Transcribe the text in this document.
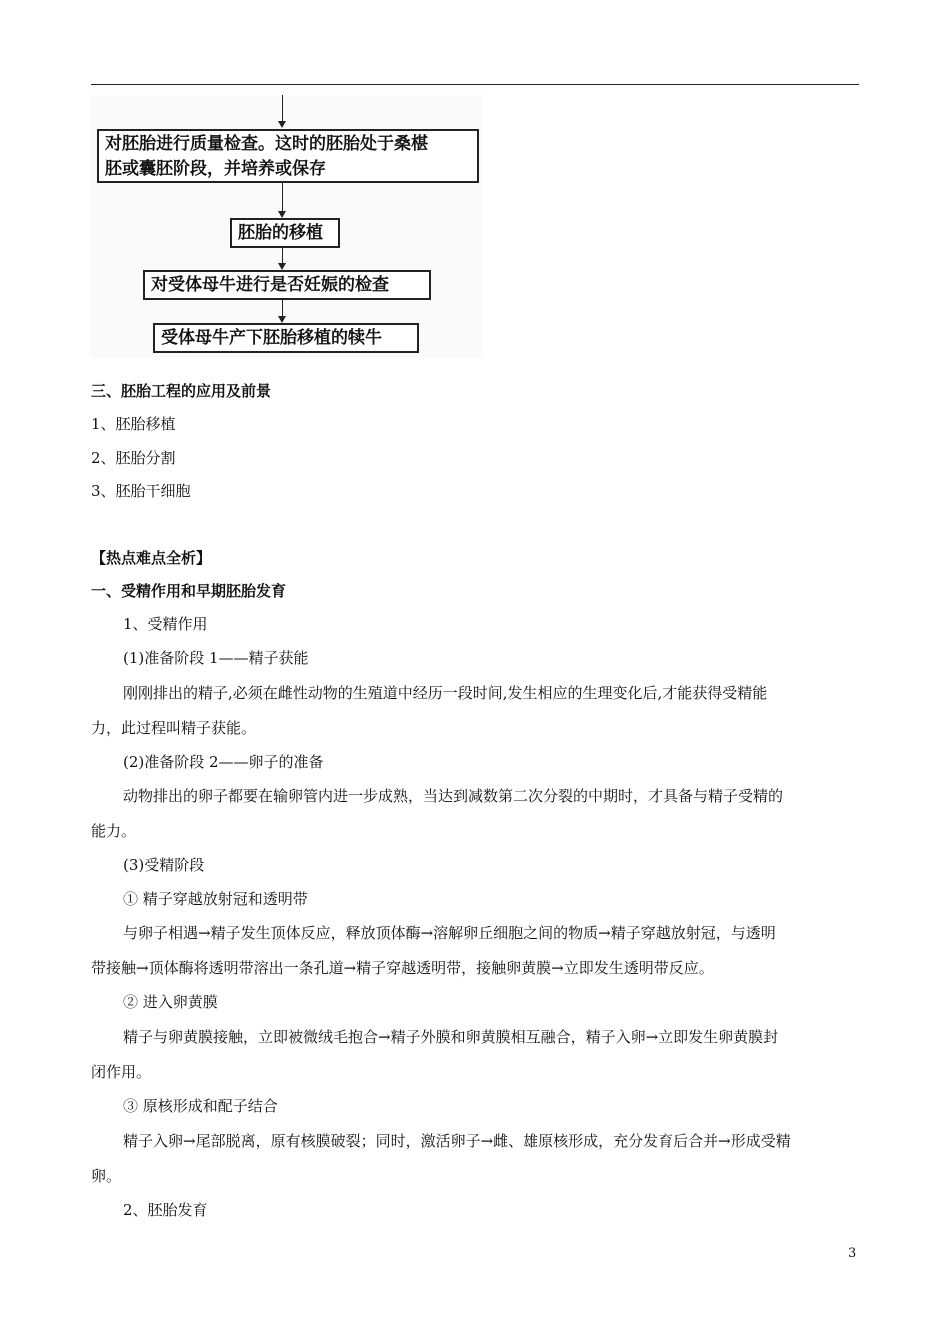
对胚胎进行质量检查。这时的胚胎处于桑椹
胚或囊胚阶段，并培养或保存
胚胎的移植
对受体母牛进行是否妊娠的检查
受体母牛产下胚胎移植的犊牛
三、胚胎工程的应用及前景
1、胚胎移植
2、胚胎分割
3、胚胎干细胞
【热点难点全析】
一、受精作用和早期胚胎发育
1、受精作用
(1)准备阶段 1——精子获能
刚刚排出的精子,必须在雌性动物的生殖道中经历一段时间,发生相应的生理变化后,才能获得受精能
力，此过程叫精子获能。
(2)准备阶段 2——卵子的准备
动物排出的卵子都要在输卵管内进一步成熟，当达到减数第二次分裂的中期时，才具备与精子受精的
能力。
(3)受精阶段
① 精子穿越放射冠和透明带
与卵子相遇→精子发生顶体反应，释放顶体酶→溶解卵丘细胞之间的物质→精子穿越放射冠，与透明
带接触→顶体酶将透明带溶出一条孔道→精子穿越透明带，接触卵黄膜→立即发生透明带反应。
② 进入卵黄膜
精子与卵黄膜接触，立即被微绒毛抱合→精子外膜和卵黄膜相互融合，精子入卵→立即发生卵黄膜封
闭作用。
③ 原核形成和配子结合
精子入卵→尾部脱离，原有核膜破裂；同时，激活卵子→雌、雄原核形成，充分发育后合并→形成受精
卵。
2、胚胎发育
3
